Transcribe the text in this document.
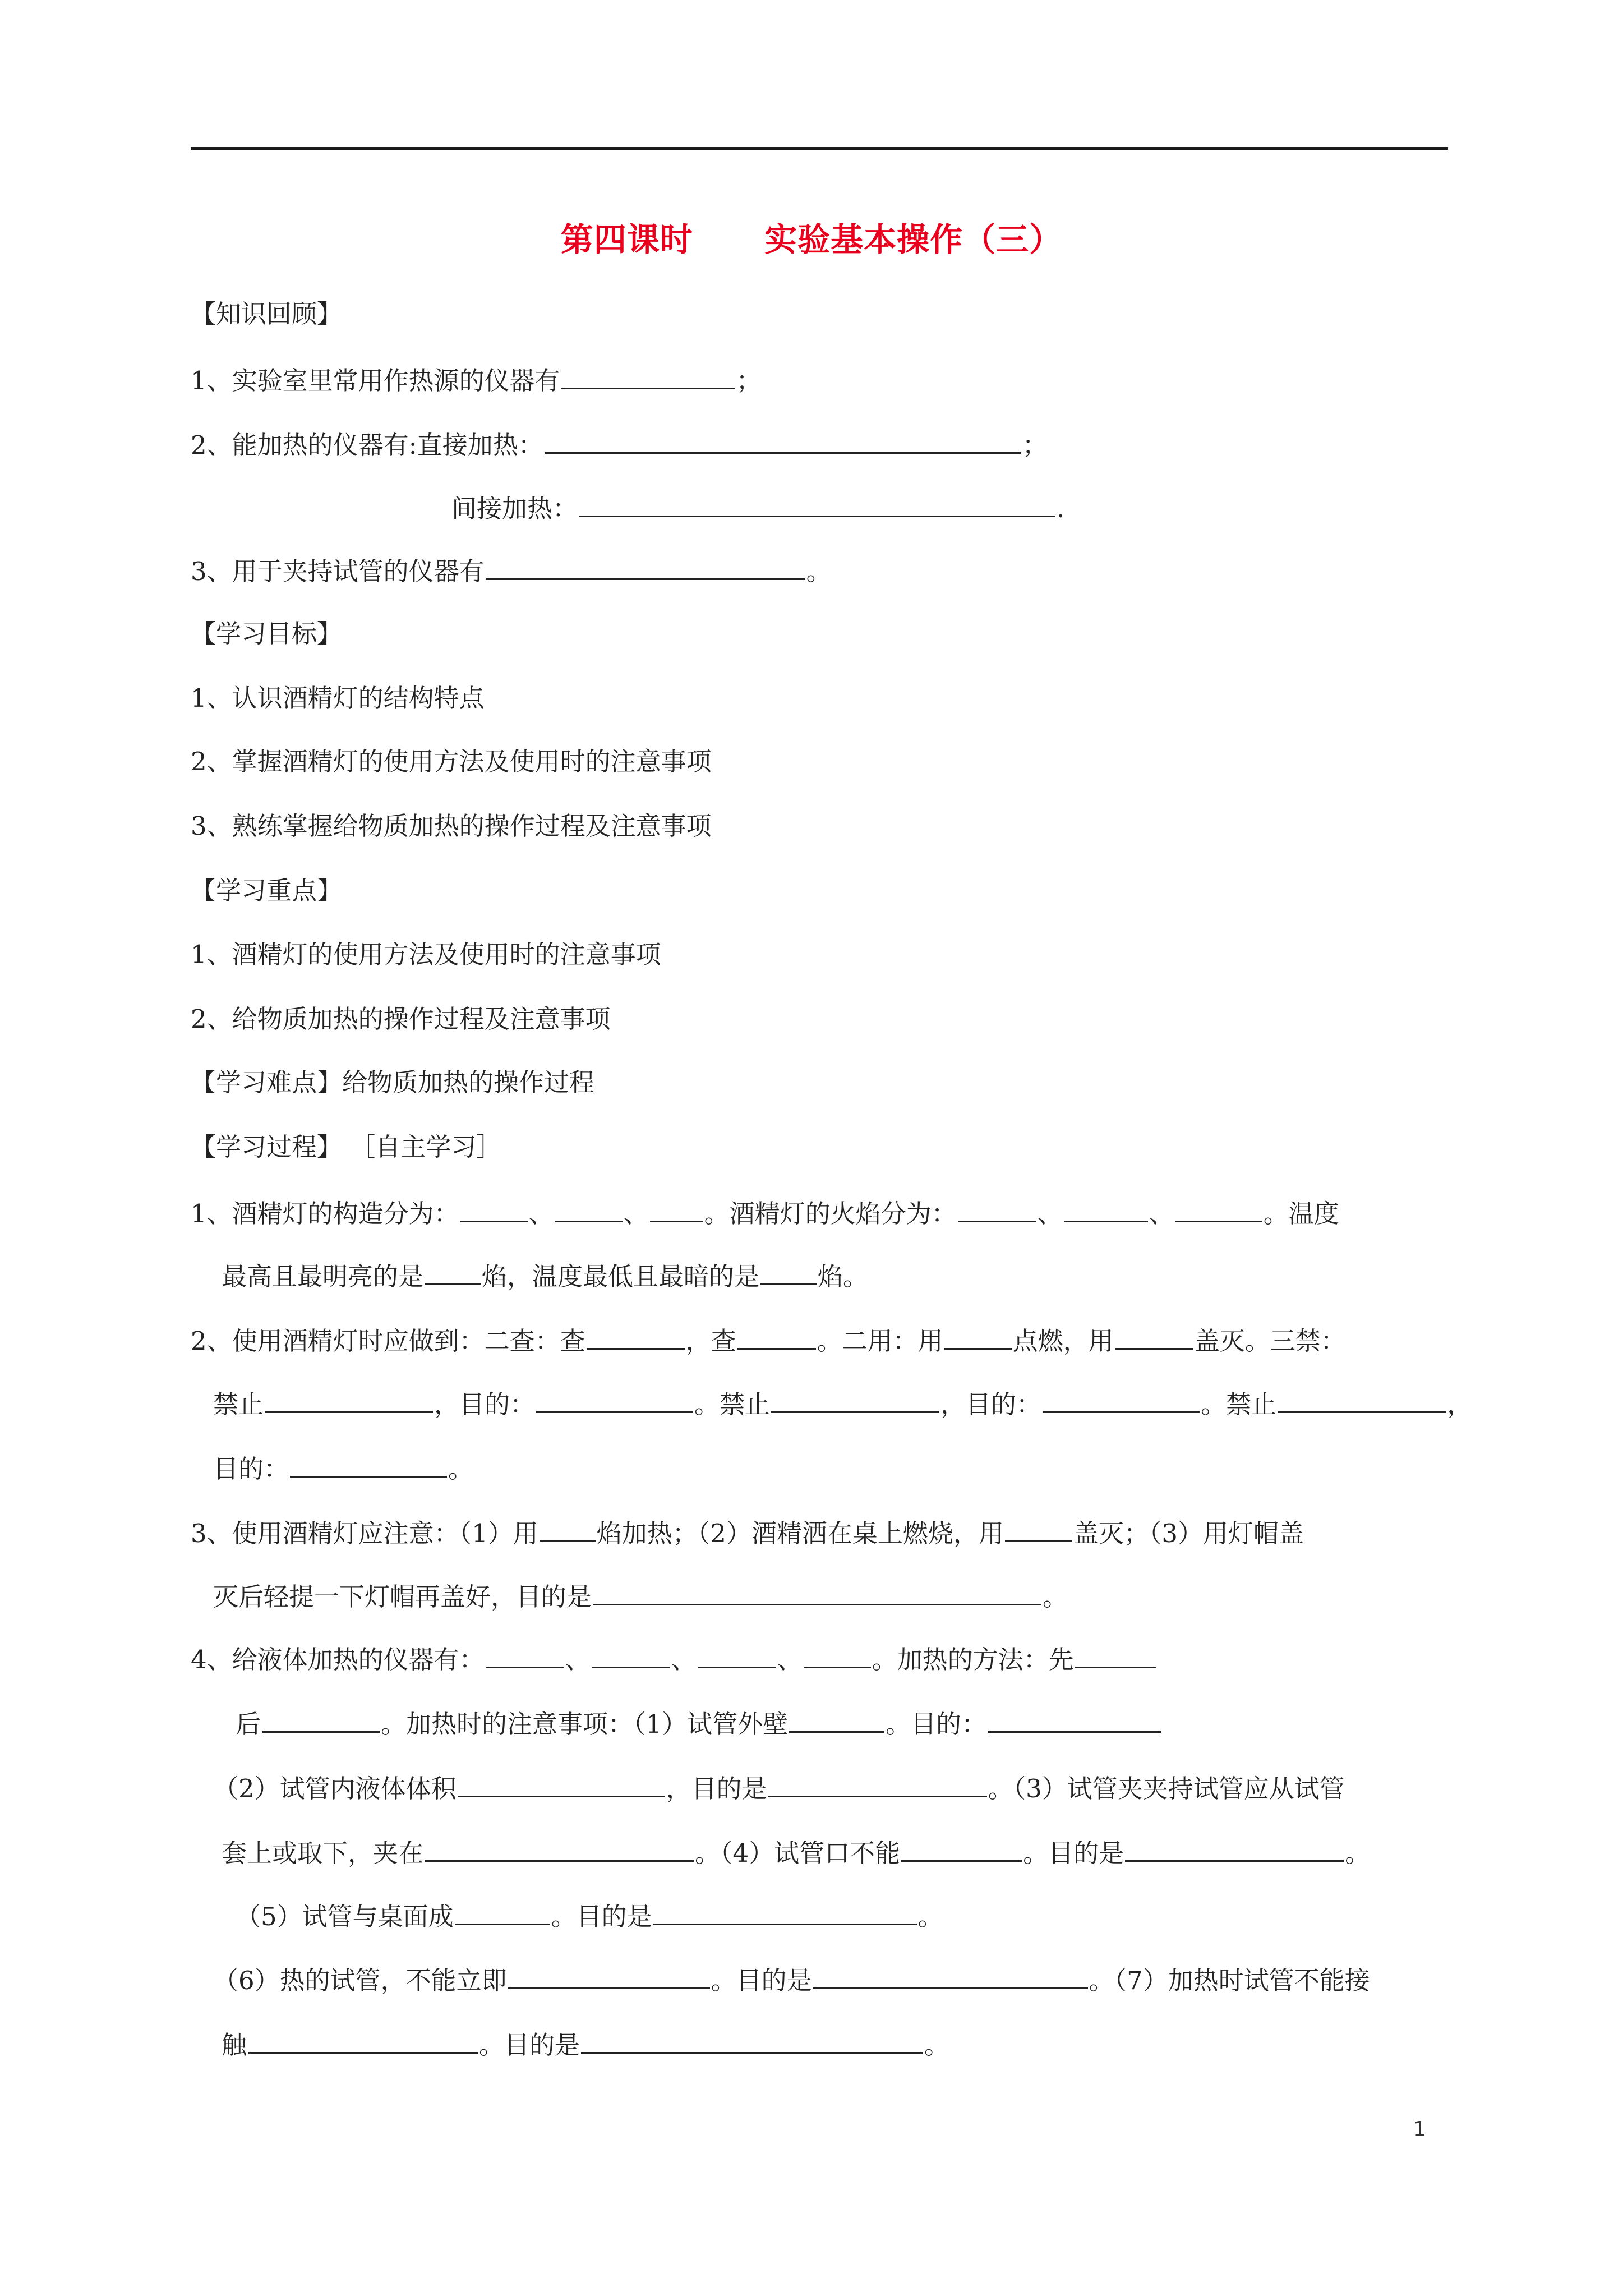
第四课时      实验基本操作（三）
【知识回顾】
1、实验室里常用作热源的仪器有	；
2、能加热的仪器有:直接加热：	；
间接加热：	.
3、用于夹持试管的仪器有	。
【学习目标】
1、认识酒精灯的结构特点
2、掌握酒精灯的使用方法及使用时的注意事项
3、熟练掌握给物质加热的操作过程及注意事项
【学习重点】
1、酒精灯的使用方法及使用时的注意事项
2、给物质加热的操作过程及注意事项
【学习难点】给物质加热的操作过程
【学习过程】 ［自主学习］
1、酒精灯的构造分为：	、	、 。酒精灯的火焰分为：	、	、	。温度
最高且最明亮的是 焰，温度最低且最暗的是 焰。
2、使用酒精灯时应做到：二查：查	，查	。二用：用	点燃，用	盖灭。三禁：
禁止	，目的：	。禁止	，目的：	。禁止	，
目的：	。
3、使用酒精灯应注意：（1）用 焰加热；（2）酒精洒在桌上燃烧，用	盖灭；（3）用灯帽盖
灭后轻提一下灯帽再盖好，目的是	。
4、给液体加热的仪器有：	、	、	、	。加热的方法：先
后	。加热时的注意事项：（1）试管外壁	。目的：
（2）试管内液体体积	，目的是	。（3）试管夹夹持试管应从试管
套上或取下，夹在	。（4）试管口不能	。目的是	。
（5）试管与桌面成	。目的是	。
（6）热的试管，不能立即	。目的是	。（7）加热时试管不能接
触	。目的是	。
1
